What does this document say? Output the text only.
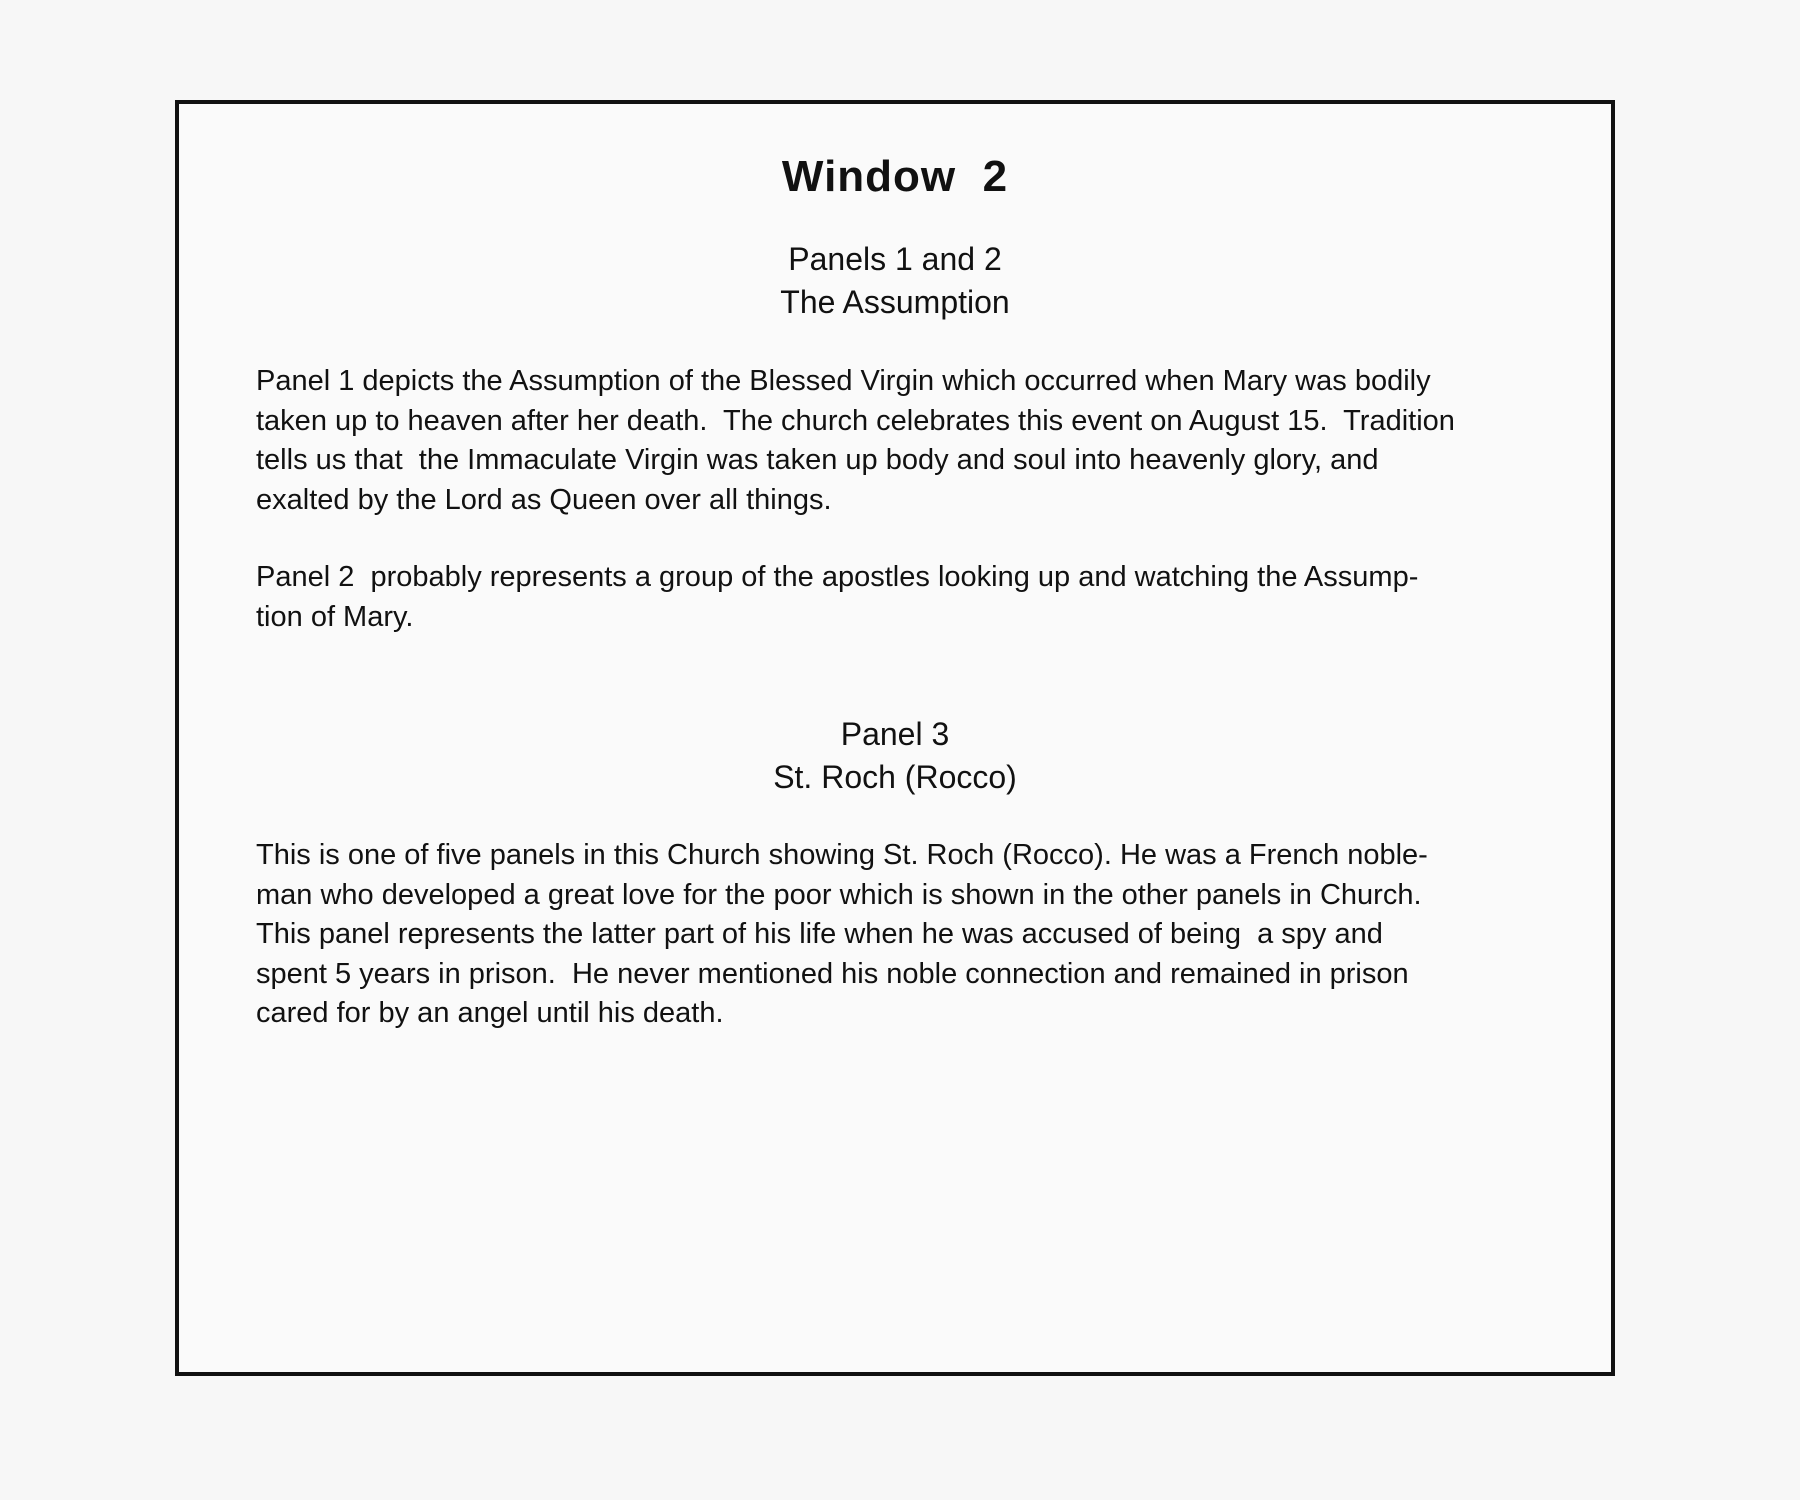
Window  2
Panels 1 and 2
The Assumption

Panel 1 depicts the Assumption of the Blessed Virgin which occurred when Mary was bodily
taken up to heaven after her death.  The church celebrates this event on August 15.  Tradition
tells us that  the Immaculate Virgin was taken up body and soul into heavenly glory, and
exalted by the Lord as Queen over all things.

Panel 2  probably represents a group of the apostles looking up and watching the Assump-
tion of Mary.

Panel 3
St. Roch (Rocco)

This is one of five panels in this Church showing St. Roch (Rocco). He was a French noble-
man who developed a great love for the poor which is shown in the other panels in Church.
This panel represents the latter part of his life when he was accused of being  a spy and
spent 5 years in prison.  He never mentioned his noble connection and remained in prison
cared for by an angel until his death.
